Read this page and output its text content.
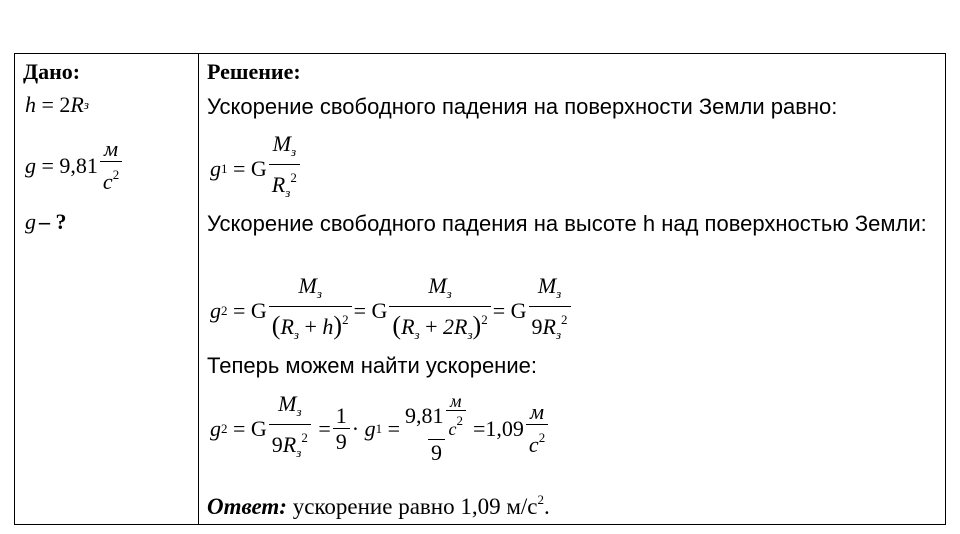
Дано:
h
= 2 R з
g
= $9,81 \frac{м}{с^2}$
g – ?
Решение:
Ускорение свободного падения на поверхности Земли равно:
g 1
= G $\frac{M_з}{R_з^2}$
Ускорение свободного падения на высоте h над поверхностью Земли:
g 2
= G $\frac{M_з}{(R_з + h)^2} = G \frac{M_з}{(R_з + 2R_з)^2} = G \frac{M_з}{9R_з^2}$
Теперь можем найти ускорение:
g 2
= G $\frac{M_з}{9R_з^2}$
= $\frac{1}{9}$ ·
g 1
= $\frac{9,81 \frac{м}{с^2}}{9} = 1,09 \frac{м}{с^2}$
Ответ: ускорение равно 1,09 $м/с^2$.
